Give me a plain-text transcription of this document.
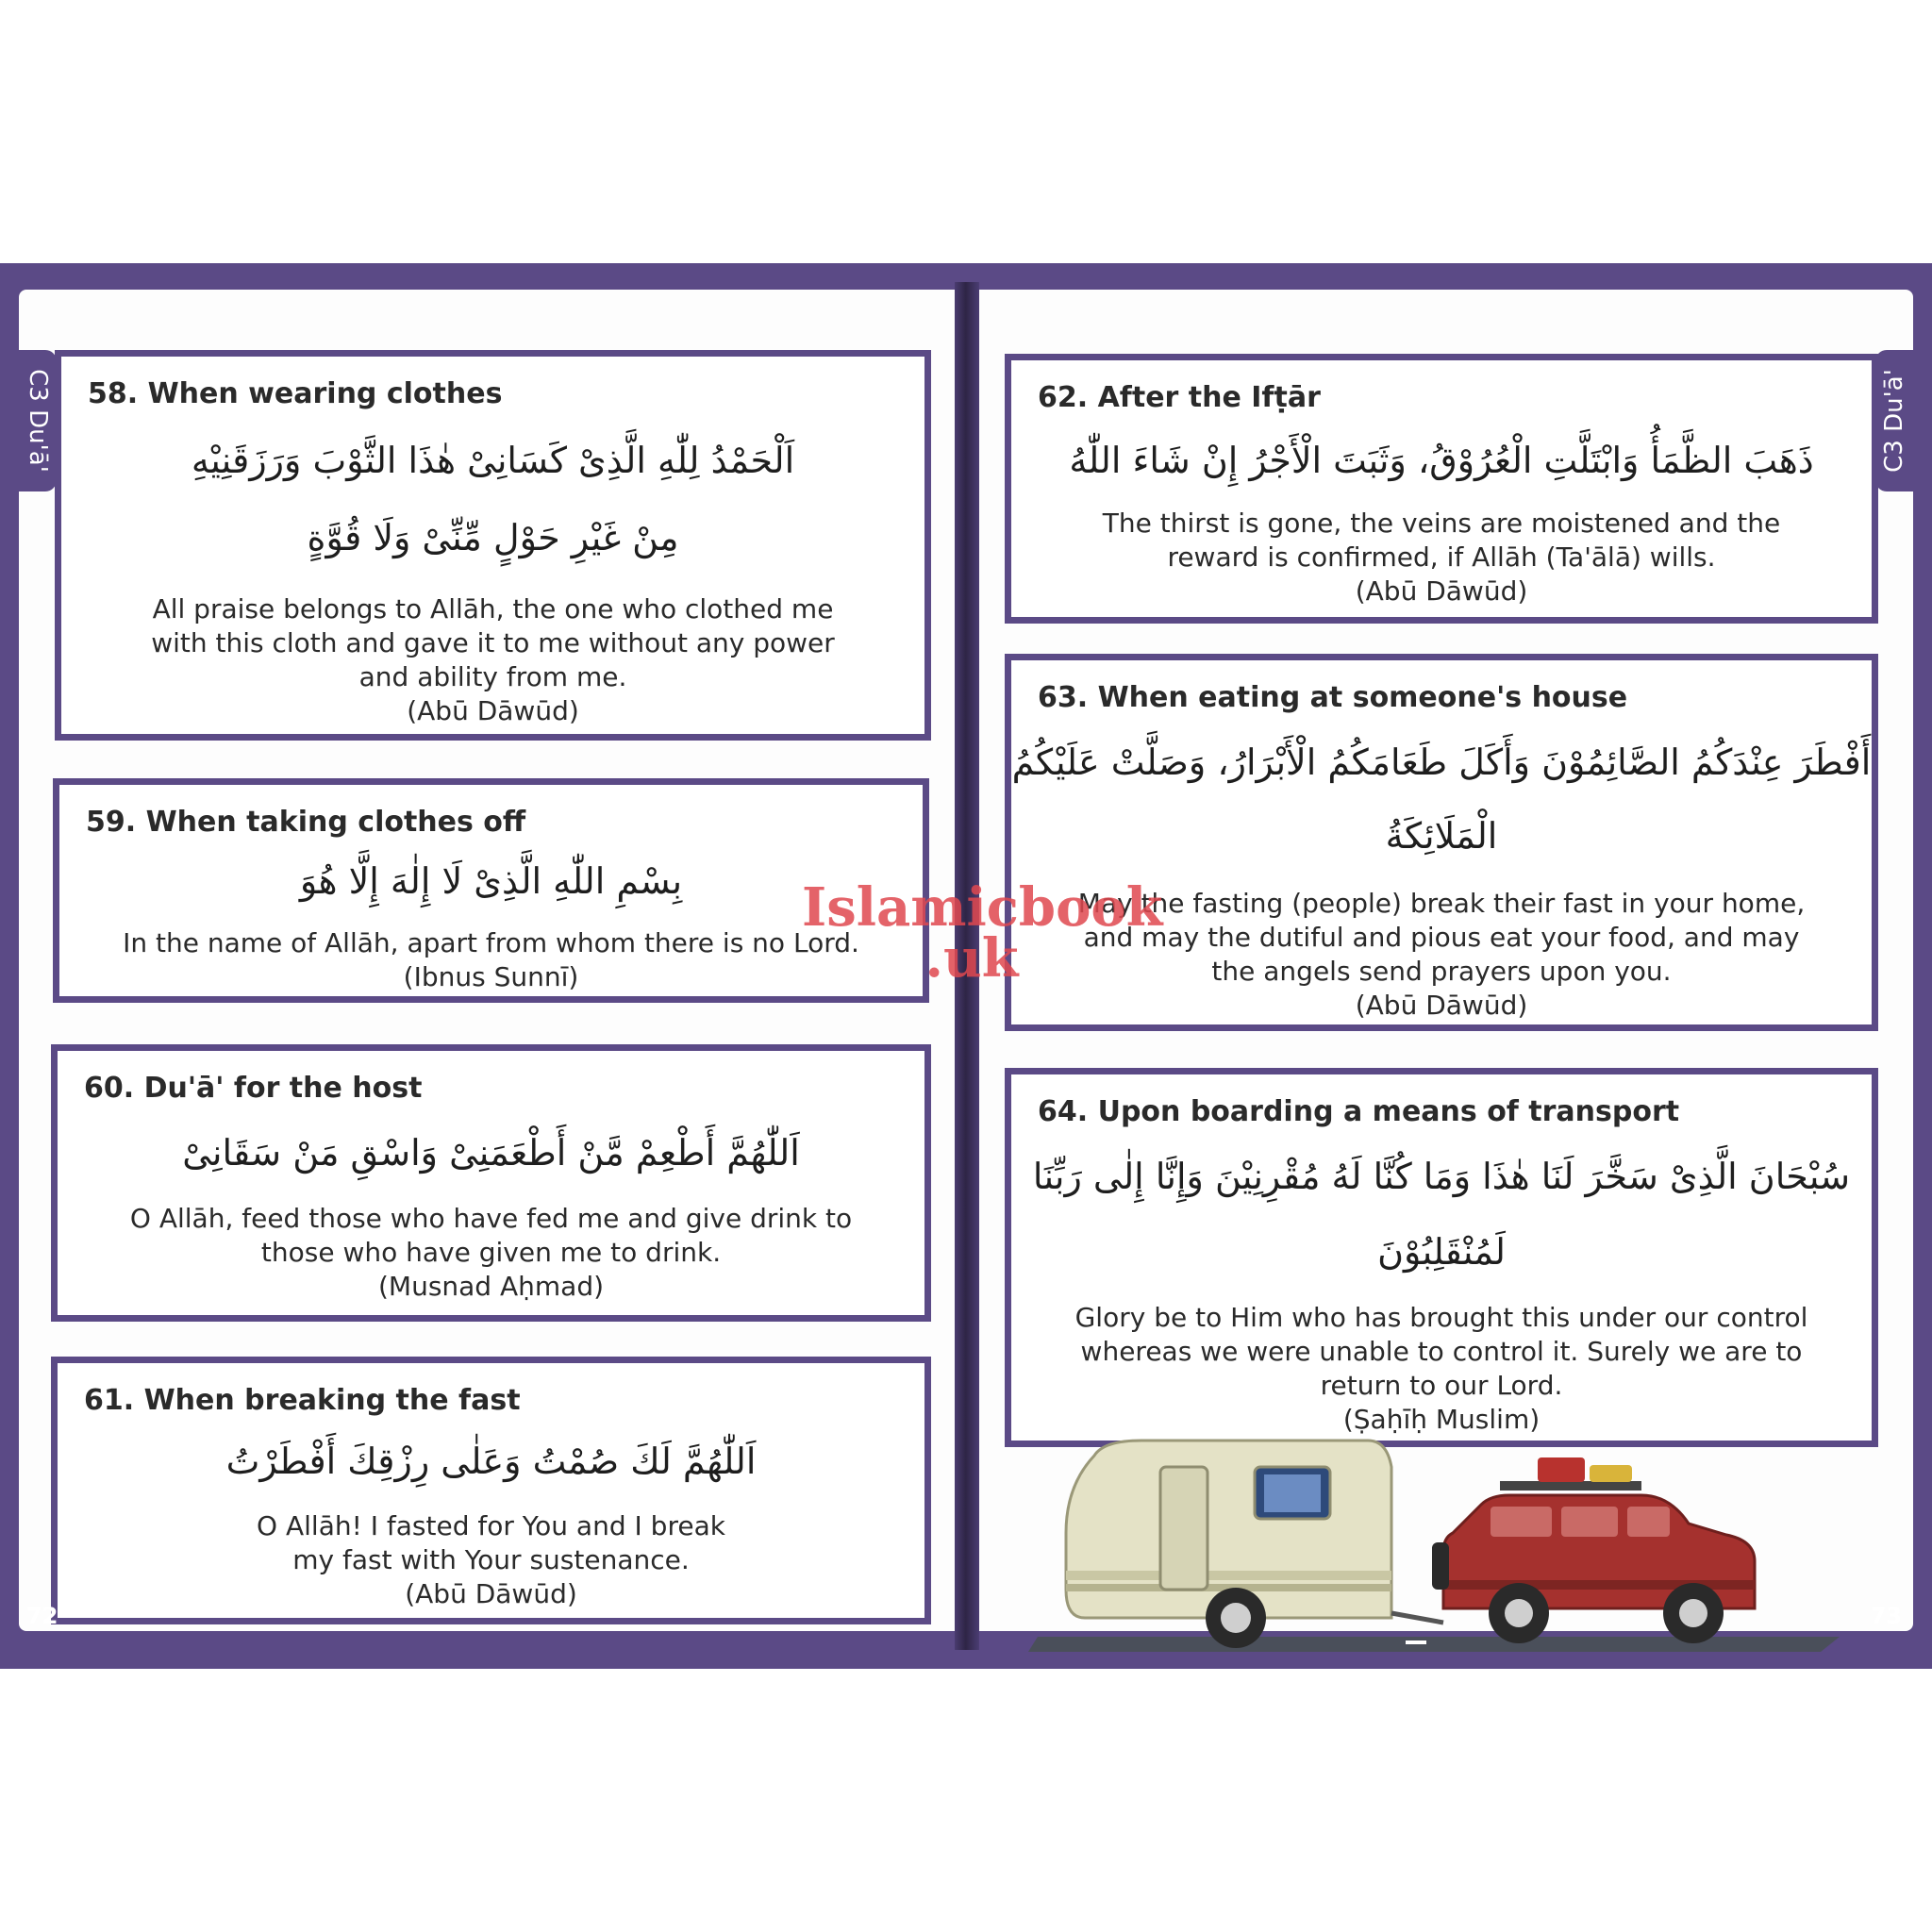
C3 Du'ā' 58. When wearing clothes
اَلْحَمْدُ لِلّٰهِ الَّذِىْ كَسَانِىْ هٰذَا الثَّوْبَ وَرَزَقَنِيْهِ
مِنْ غَيْرِ حَوْلٍ مِّنِّىْ وَلَا قُوَّةٍ
All praise belongs to Allāh, the one who clothed me
with this cloth and gave it to me without any power
and ability from me.
(Abū Dāwūd)
59. When taking clothes off
بِسْمِ اللّٰهِ الَّذِىْ لَا إِلٰهَ إِلَّا هُوَ
In the name of Allāh, apart from whom there is no Lord.
(Ibnus Sunnī)
60. Du'ā' for the host
اَللّٰهُمَّ أَطْعِمْ مَّنْ أَطْعَمَنِىْ وَاسْقِ مَنْ سَقَانِىْ
O Allāh, feed those who have fed me and give drink to
those who have given me to drink.
(Musnad Aḥmad)
61. When breaking the fast
اَللّٰهُمَّ لَكَ صُمْتُ وَعَلٰى رِزْقِكَ أَفْطَرْتُ
O Allāh! I fasted for You and I break
my fast with Your sustenance.
(Abū Dāwūd)
72
C3 Du'ā'
62. After the Ifṭār
ذَهَبَ الظَّمَأُ وَابْتَلَّتِ الْعُرُوْقُ، وَثَبَتَ الْأَجْرُ إِنْ شَاءَ اللّٰهُ
The thirst is gone, the veins are moistened and the
reward is confirmed, if Allāh (Ta'ālā) wills.
(Abū Dāwūd)
63. When eating at someone's house
أَفْطَرَ عِنْدَكُمُ الصَّائِمُوْنَ وَأَكَلَ طَعَامَكُمُ الْأَبْرَارُ، وَصَلَّتْ عَلَيْكُمُ
الْمَلَائِكَةُ
May the fasting (people) break their fast in your home,
and may the dutiful and pious eat your food, and may
the angels send prayers upon you.
(Abū Dāwūd)
64. Upon boarding a means of transport
سُبْحَانَ الَّذِىْ سَخَّرَ لَنَا هٰذَا وَمَا كُنَّا لَهُ مُقْرِنِيْنَ وَإِنَّا إِلٰى رَبِّنَا
لَمُنْقَلِبُوْنَ
Glory be to Him who has brought this under our control
whereas we were unable to control it. Surely we are to
return to our Lord.
(Ṣaḥīḥ Muslim)
73
Islamicbook
.uk
